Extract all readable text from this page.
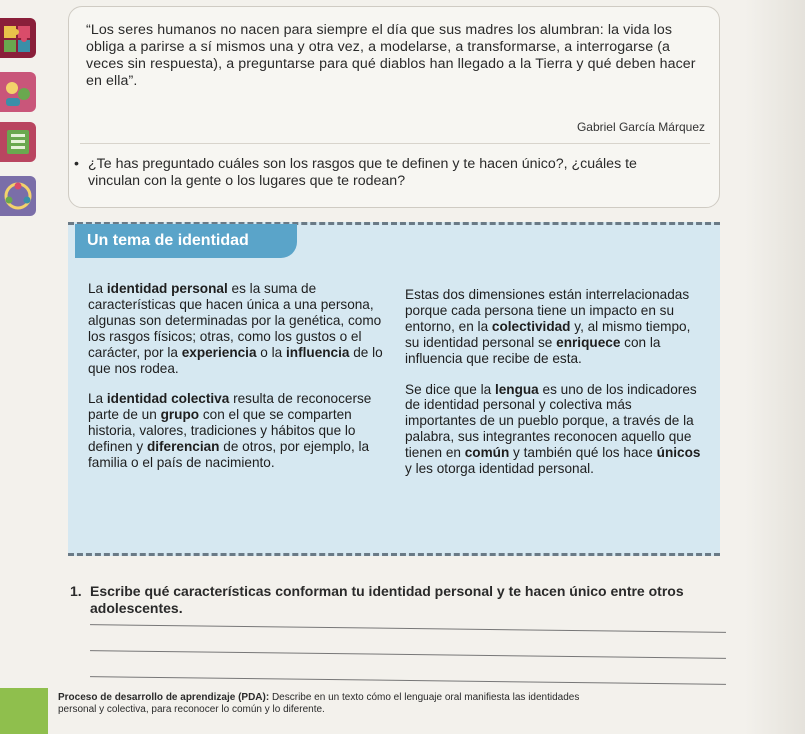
“Los seres humanos no nacen para siempre el día que sus madres los alumbran: la vida los obliga a parirse a sí mismos una y otra vez, a modelarse, a transformarse, a interrogarse (a veces sin respuesta), a preguntarse para qué diablos han llegado a la Tierra y qué deben hacer en ella”.
Gabriel García Márquez
• ¿Te has preguntado cuáles son los rasgos que te definen y te hacen único?, ¿cuáles te vinculan con la gente o los lugares que te rodean?
Un tema de identidad

La identidad personal es la suma de características que hacen única a una persona, algunas son determinadas por la genética, como los rasgos físicos; otras, como los gustos o el carácter, por la experiencia o la influencia de lo que nos rodea.

La identidad colectiva resulta de reconocerse parte de un grupo con el que se comparten historia, valores, tradiciones y hábitos que lo definen y diferencian de otros, por ejemplo, la familia o el país de nacimiento.

Estas dos dimensiones están interrelacionadas porque cada persona tiene un impacto en su entorno, en la colectividad y, al mismo tiempo, su identidad personal se enriquece con la influencia que recibe de esta.

Se dice que la lengua es uno de los indicadores de identidad personal y colectiva más importantes de un pueblo porque, a través de la palabra, sus integrantes reconocen aquello que tienen en común y también qué los hace únicos y les otorga identidad personal.

1. Escribe qué características conforman tu identidad personal y te hacen único entre otros adolescentes.
Proceso de desarrollo de aprendizaje (PDA): Describe en un texto cómo el lenguaje oral manifiesta las identidades personal y colectiva, para reconocer lo común y lo diferente.
